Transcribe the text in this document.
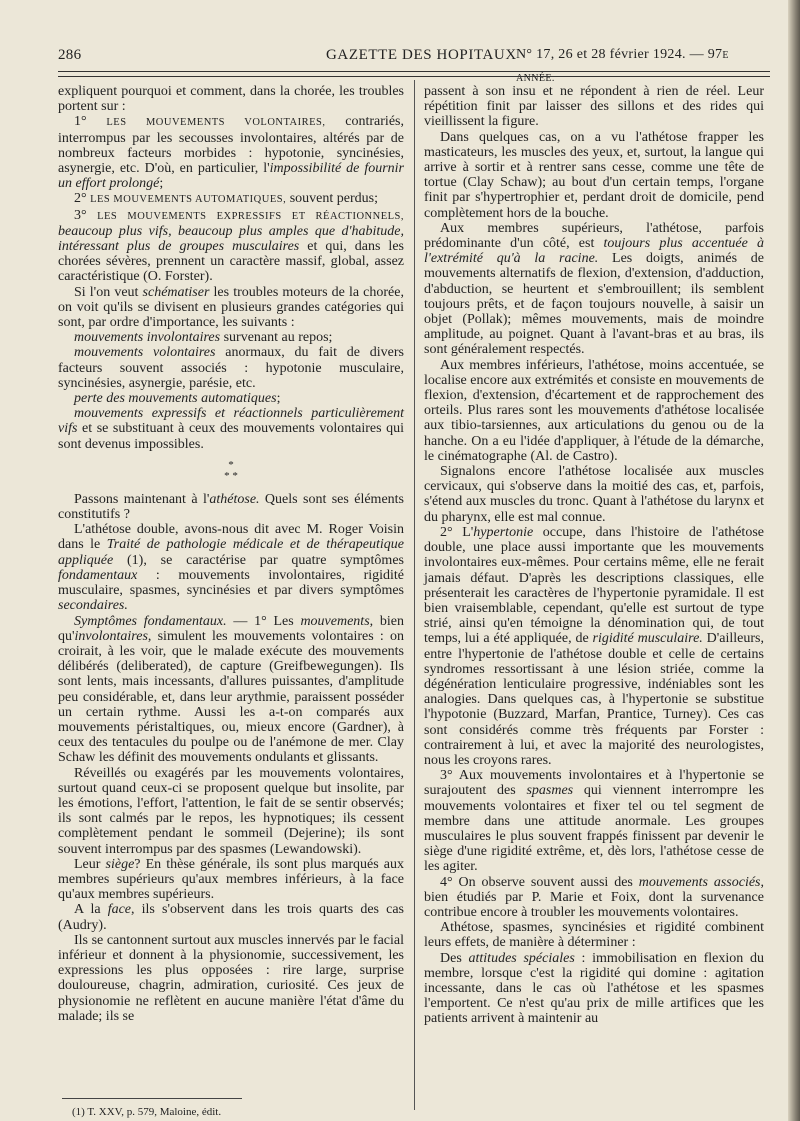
286	GAZETTE DES HOPITAUX N° 17, 26 et 28 février 1924. — 97E ANNÉE.

expliquent pourquoi et comment, dans la chorée, les troubles portent sur :

1° LES MOUVEMENTS VOLONTAIRES, contrariés, interrompus par les secousses involontaires, altérés par de nombreux facteurs morbides : hypotonie, syncinésies, asynergie, etc. D'où, en particulier, l'impossibilité de fournir un effort prolongé;

2° LES MOUVEMENTS AUTOMATIQUES, souvent perdus;

3° LES MOUVEMENTS EXPRESSIFS ET RÉACTIONNELS, beaucoup plus vifs, beaucoup plus amples que d'habitude, intéressant plus de groupes musculaires et qui, dans les chorées sévères, prennent un caractère massif, global, assez caractéristique (O. Forster).

Si l'on veut schématiser les troubles moteurs de la chorée, on voit qu'ils se divisent en plusieurs grandes catégories qui sont, par ordre d'importance, les suivants :

mouvements involontaires survenant au repos;

mouvements volontaires anormaux, du fait de divers facteurs souvent associés : hypotonie musculaire, syncinésies, asynergie, parésie, etc.

perte des mouvements automatiques;

mouvements expressifs et réactionnels particulièrement vifs et se substituant à ceux des mouvements volontaires qui sont devenus impossibles.

*
* *

Passons maintenant à l'athétose. Quels sont ses éléments constitutifs ?

L'athétose double, avons-nous dit avec M. Roger Voisin dans le Traité de pathologie médicale et de thérapeutique appliquée (1), se caractérise par quatre symptômes fondamentaux : mouvements involontaires, rigidité musculaire, spasmes, syncinésies et par divers symptômes secondaires.

Symptômes fondamentaux. — 1° Les mouvements, bien qu'involontaires, simulent les mouvements volontaires : on croirait, à les voir, que le malade exécute des mouvements délibérés (deliberated), de capture (Greifbewegungen). Ils sont lents, mais incessants, d'allures puissantes, d'amplitude peu considérable, et, dans leur arythmie, paraissent posséder un certain rythme. Aussi les a-t-on comparés aux mouvements péristaltiques, ou, mieux encore (Gardner), à ceux des tentacules du poulpe ou de l'anémone de mer. Clay Schaw les définit des mouvements ondulants et glissants.

Réveillés ou exagérés par les mouvements volontaires, surtout quand ceux-ci se proposent quelque but insolite, par les émotions, l'effort, l'attention, le fait de se sentir observés; ils sont calmés par le repos, les hypnotiques; ils cessent complètement pendant le sommeil (Dejerine); ils sont souvent interrompus par des spasmes (Lewandowski).

Leur siège? En thèse générale, ils sont plus marqués aux membres supérieurs qu'aux membres inférieurs, à la face qu'aux membres supérieurs.

A la face, ils s'observent dans les trois quarts des cas (Audry).

Ils se cantonnent surtout aux muscles innervés par le facial inférieur et donnent à la physionomie, successivement, les expressions les plus opposées : rire large, surprise douloureuse, chagrin, admiration, curiosité. Ces jeux de physionomie ne reflètent en aucune manière l'état d'âme du malade; ils se

(1) T. XXV, p. 579, Maloine, édit.

passent à son insu et ne répondent à rien de réel. Leur répétition finit par laisser des sillons et des rides qui vieillissent la figure.

Dans quelques cas, on a vu l'athétose frapper les masticateurs, les muscles des yeux, et, surtout, la langue qui arrive à sortir et à rentrer sans cesse, comme une tête de tortue (Clay Schaw); au bout d'un certain temps, l'organe finit par s'hypertrophier et, perdant droit de domicile, pend complètement hors de la bouche.

Aux membres supérieurs, l'athétose, parfois prédominante d'un côté, est toujours plus accentuée à l'extrémité qu'à la racine. Les doigts, animés de mouvements alternatifs de flexion, d'extension, d'adduction, d'abduction, se heurtent et s'embrouillent; ils semblent toujours prêts, et de façon toujours nouvelle, à saisir un objet (Pollak); mêmes mouvements, mais de moindre amplitude, au poignet. Quant à l'avant-bras et au bras, ils sont généralement respectés.

Aux membres inférieurs, l'athétose, moins accentuée, se localise encore aux extrémités et consiste en mouvements de flexion, d'extension, d'écartement et de rapprochement des orteils. Plus rares sont les mouvements d'athétose localisée aux tibio-tarsiennes, aux articulations du genou ou de la hanche. On a eu l'idée d'appliquer, à l'étude de la démarche, le cinématographe (Al. de Castro).

Signalons encore l'athétose localisée aux muscles cervicaux, qui s'observe dans la moitié des cas, et, parfois, s'étend aux muscles du tronc. Quant à l'athétose du larynx et du pharynx, elle est mal connue.

2° L'hypertonie occupe, dans l'histoire de l'athétose double, une place aussi importante que les mouvements involontaires eux-mêmes. Pour certains même, elle ne ferait jamais défaut. D'après les descriptions classiques, elle présenterait les caractères de l'hypertonie pyramidale. Il est bien vraisemblable, cependant, qu'elle est surtout de type strié, ainsi qu'en témoigne la dénomination qui, de tout temps, lui a été appliquée, de rigidité musculaire. D'ailleurs, entre l'hypertonie de l'athétose double et celle de certains syndromes ressortissant à une lésion striée, comme la dégénération lenticulaire progressive, indéniables sont les analogies. Dans quelques cas, à l'hypertonie se substitue l'hypotonie (Buzzard, Marfan, Prantice, Turney). Ces cas sont considérés comme très fréquents par Forster : contrairement à lui, et avec la majorité des neurologistes, nous les croyons rares.

3° Aux mouvements involontaires et à l'hypertonie se surajoutent des spasmes qui viennent interrompre les mouvements volontaires et fixer tel ou tel segment de membre dans une attitude anormale. Les groupes musculaires le plus souvent frappés finissent par devenir le siège d'une rigidité extrême, et, dès lors, l'athétose cesse de les agiter.

4° On observe souvent aussi des mouvements associés, bien étudiés par P. Marie et Foix, dont la survenance contribue encore à troubler les mouvements volontaires.

Athétose, spasmes, syncinésies et rigidité combinent leurs effets, de manière à déterminer :

Des attitudes spéciales : immobilisation en flexion du membre, lorsque c'est la rigidité qui domine : agitation incessante, dans le cas où l'athétose et les spasmes l'emportent. Ce n'est qu'au prix de mille artifices que les patients arrivent à maintenir au
